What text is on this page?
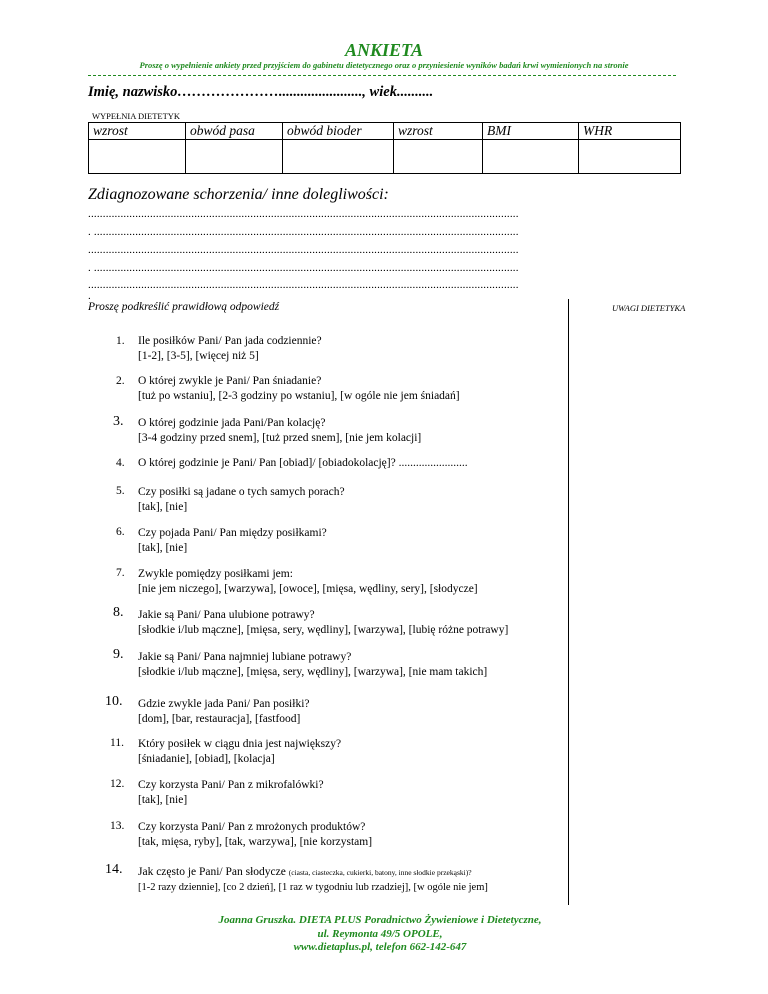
ANKIETA
Proszę o wypełnienie ankiety przed przyjściem do gabinetu dietetycznego oraz o przyniesienie wyników badań krwi wymienionych na stronie
Imię, nazwisko…………………......................., wiek..........
WYPEŁNIA DIETETYK
wzrost	obwód pasa	obwód bioder	wzrost	BMI	WHR

Zdiagnozowane schorzenia/ inne dolegliwości:
..................................................................................................................................................
. ................................................................................................................................................
..................................................................................................................................................
. ................................................................................................................................................
..................................................................................................................................................
.
Proszę podkreślić prawidłową odpowiedź	UWAGI DIETETYKA
1. Ile posiłków Pani/ Pan jada codziennie?
[1-2], [3-5], [więcej niż 5]
2. O której zwykle je Pani/ Pan śniadanie?
[tuż po wstaniu], [2-3 godziny po wstaniu], [w ogóle nie jem śniadań]
3. O której godzinie jada Pani/Pan kolację?
[3-4 godziny przed snem], [tuż przed snem], [nie jem kolacji]
4. O której godzinie je Pani/ Pan [obiad]/ [obiadokolację]? ........................
5. Czy posiłki są jadane o tych samych porach?
[tak], [nie]
6. Czy pojada Pani/ Pan między posiłkami?
[tak], [nie]
7. Zwykle pomiędzy posiłkami jem:
[nie jem niczego], [warzywa], [owoce], [mięsa, wędliny, sery], [słodycze]
8. Jakie są Pani/ Pana ulubione potrawy?
[słodkie i/lub mączne], [mięsa, sery, wędliny], [warzywa], [lubię różne potrawy]
9. Jakie są Pani/ Pana najmniej lubiane potrawy?
[słodkie i/lub mączne], [mięsa, sery, wędliny], [warzywa], [nie mam takich]
10. Gdzie zwykle jada Pani/ Pan posiłki?
[dom], [bar, restauracja], [fastfood]
11. Który posiłek w ciągu dnia jest największy?
[śniadanie], [obiad], [kolacja]
12. Czy korzysta Pani/ Pan z mikrofalówki?
[tak], [nie]
13. Czy korzysta Pani/ Pan z mrożonych produktów?
[tak, mięsa, ryby], [tak, warzywa], [nie korzystam]
14. Jak często je Pani/ Pan słodycze (ciasta, ciasteczka, cukierki, batony, inne słodkie przekąski)?
[1-2 razy dziennie], [co 2 dzień], [1 raz w tygodniu lub rzadziej], [w ogóle nie jem]
Joanna Gruszka. DIETA PLUS Poradnictwo Żywieniowe i Dietetyczne,
ul. Reymonta 49/5 OPOLE,
www.dietaplus.pl, telefon 662-142-647
